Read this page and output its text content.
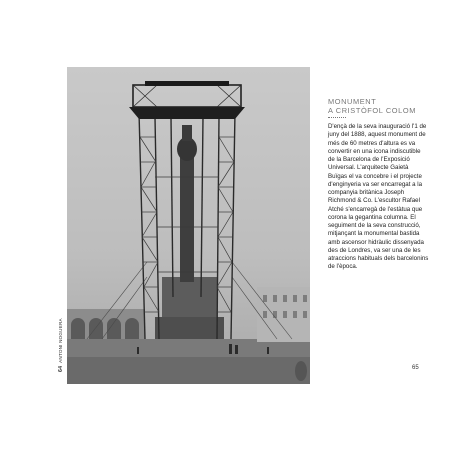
64ANTONI NOGUERA
MONUMENT
A CRISTÒFOL COLOM

D'ençà de la seva inauguració l'1 de juny del 1888, aquest monument de més de 60 metres d'altura es va convertir en una icona indiscutible de la Barcelona de l'Exposició Universal. L'arquitecte Gaietà Buïgas el va concebre i el projecte d'enginyeria va ser encarregat a la companyia britànica Joseph Richmond & Co. L'escultor Rafael Atché s'encarregà de l'estàtua que corona la gegantina columna. El seguiment de la seva construcció, mitjançant la monumental bastida amb ascensor hidràulic dissenyada des de Londres, va ser una de les atraccions habituals dels barcelonins de l'època.

65
